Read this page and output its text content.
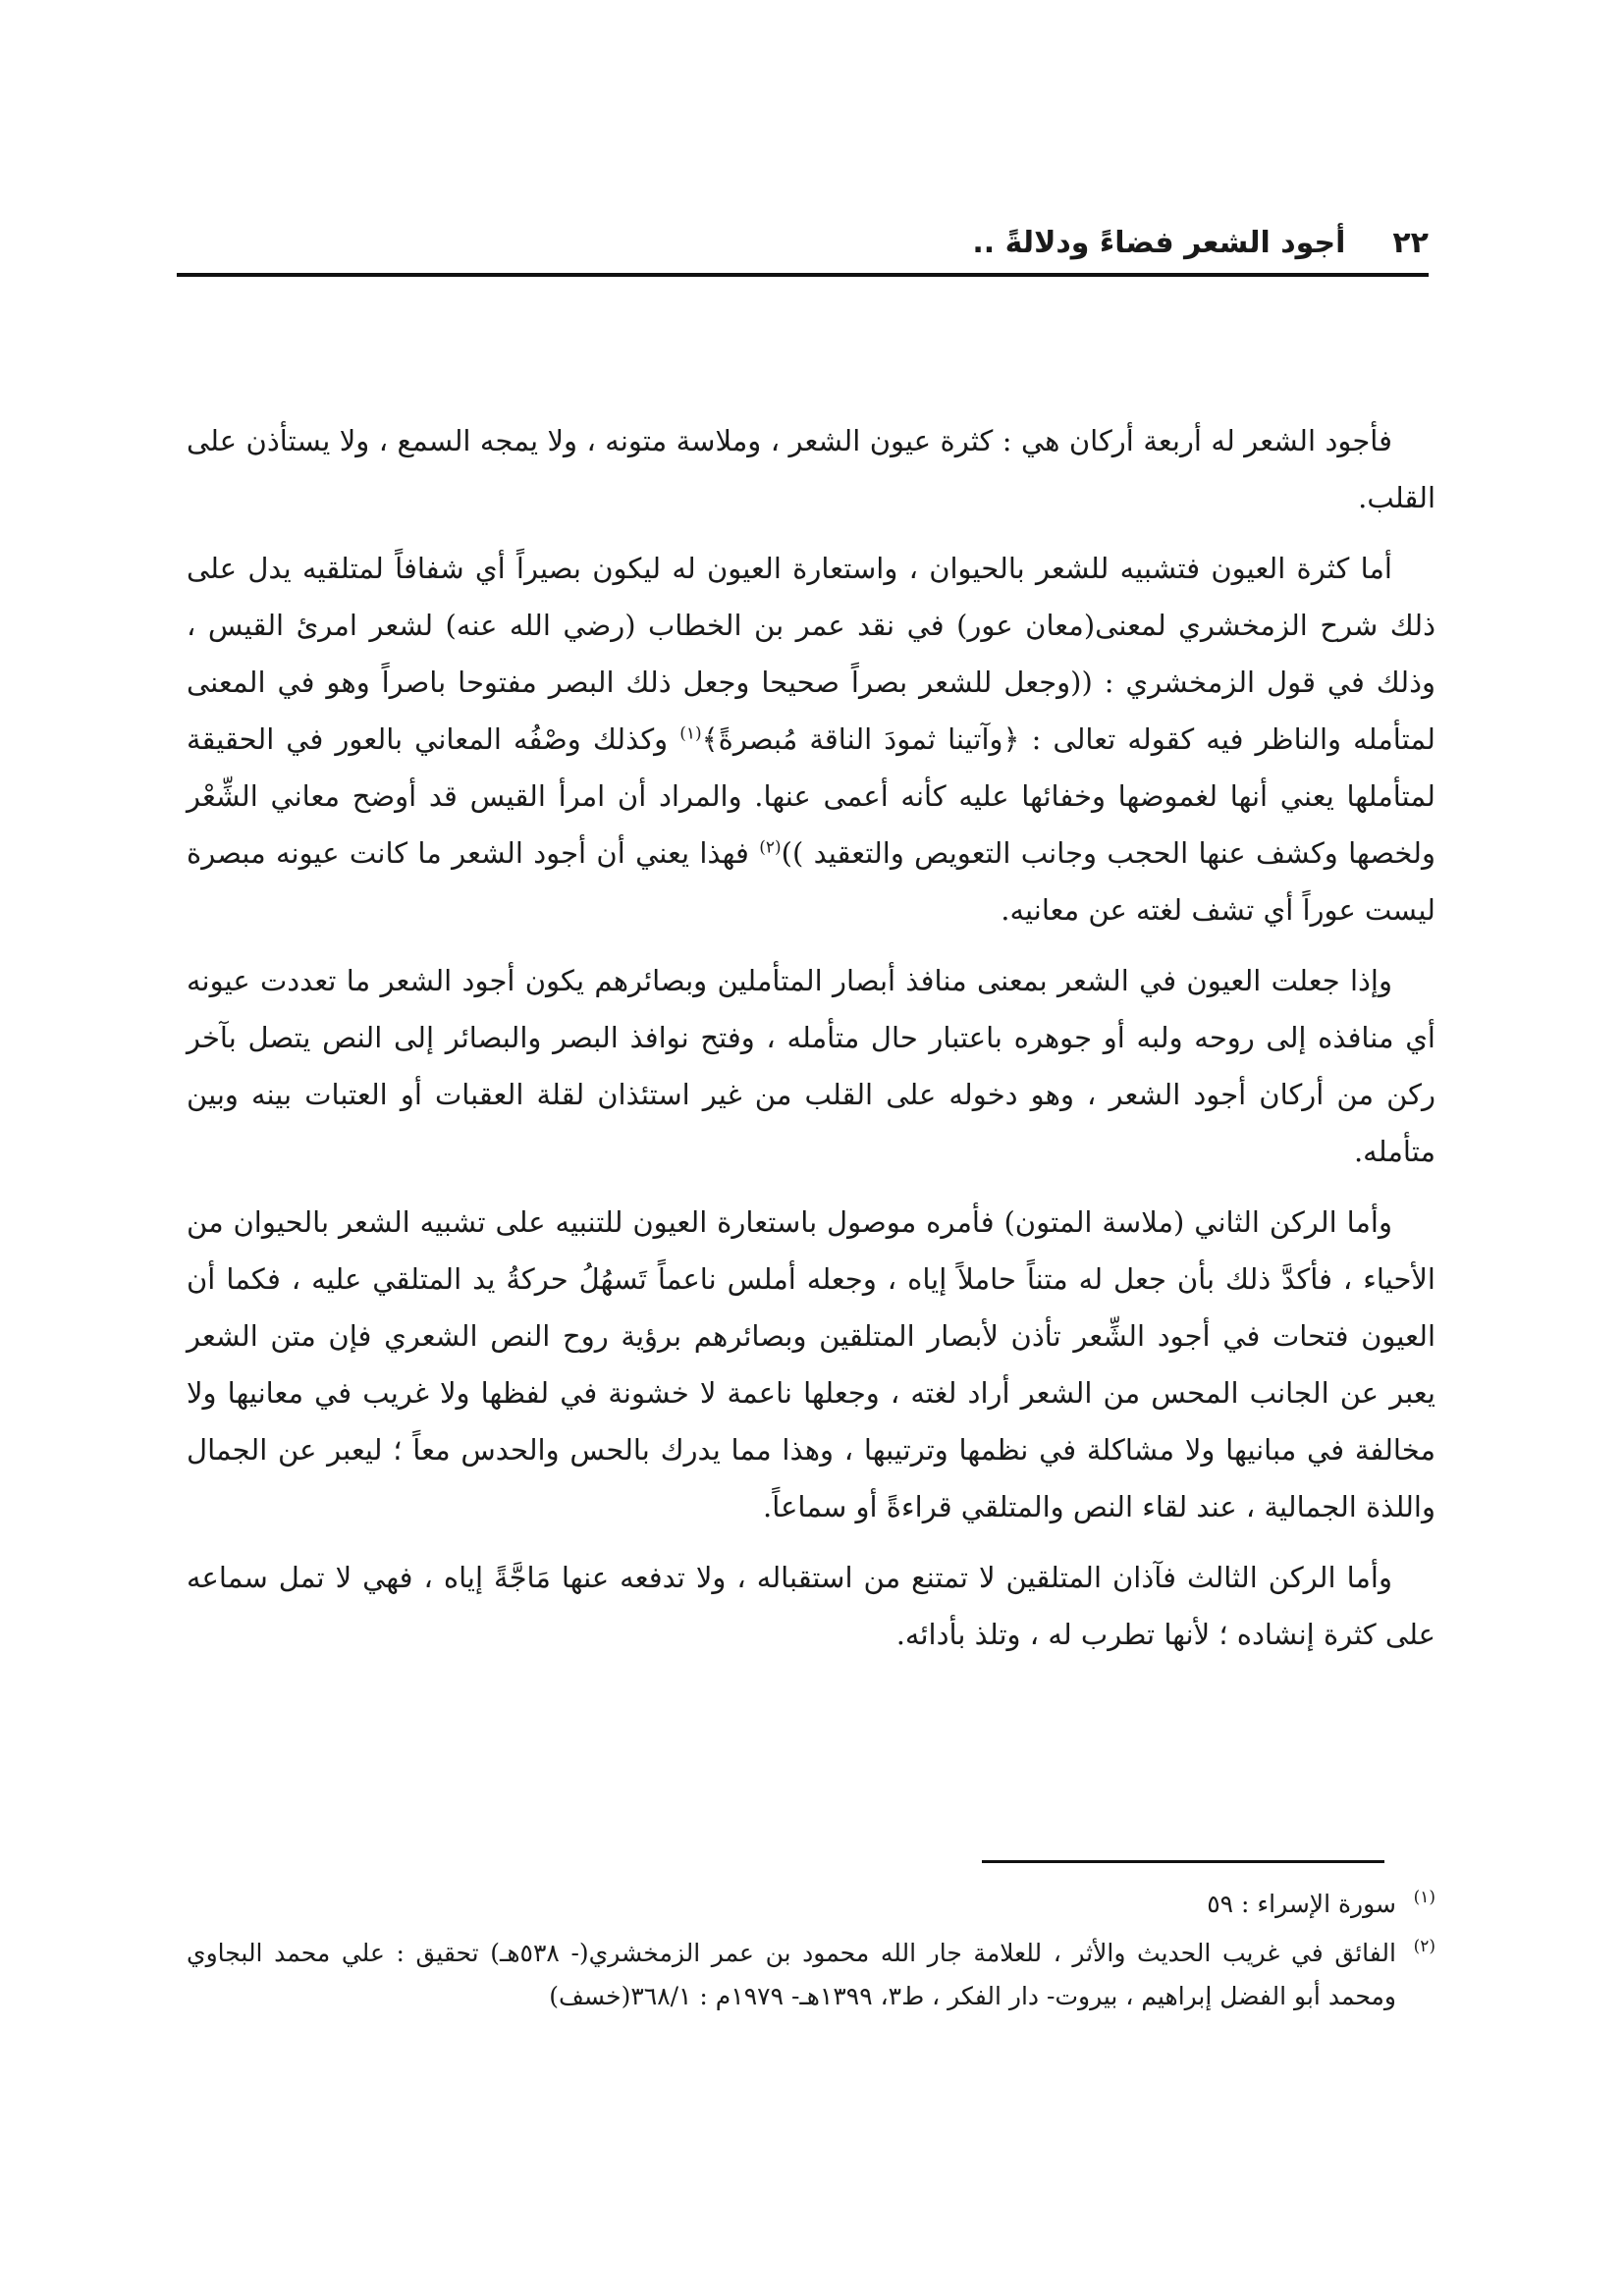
٢٢
أجود الشعر فضاءً ودلالةً ..

فأجود الشعر له أربعة أركان هي : كثرة عيون الشعر ، وملاسة متونه ، ولا يمجه السمع ، ولا يستأذن على القلب.

أما كثرة العيون فتشبيه للشعر بالحيوان ، واستعارة العيون له ليكون بصيراً أي شفافاً لمتلقيه يدل على ذلك شرح الزمخشري لمعنى(معان عور) في نقد عمر بن الخطاب (رضي الله عنه) لشعر امرئ القيس ، وذلك في قول الزمخشري : ((وجعل للشعر بصراً صحيحا وجعل ذلك البصر مفتوحا باصراً وهو في المعنى لمتأمله والناظر فيه كقوله تعالى : ﴿وآتينا ثمودَ الناقة مُبصرةً﴾$^{(١)}$ وكذلك وصْفُه المعاني بالعور في الحقيقة لمتأملها يعني أنها لغموضها وخفائها عليه كأنه أعمى عنها. والمراد أن امرأ القيس قد أوضح معاني الشِّعْر ولخصها وكشف عنها الحجب وجانب التعويص والتعقيد ))$^{(٢)}$ فهذا يعني أن أجود الشعر ما كانت عيونه مبصرة ليست عوراً أي تشف لغته عن معانيه.

وإذا جعلت العيون في الشعر بمعنى منافذ أبصار المتأملين وبصائرهم يكون أجود الشعر ما تعددت عيونه أي منافذه إلى روحه ولبه أو جوهره باعتبار حال متأمله ، وفتح نوافذ البصر والبصائر إلى النص يتصل بآخر ركن من أركان أجود الشعر ، وهو دخوله على القلب من غير استئذان لقلة العقبات أو العتبات بينه وبين متأمله.

وأما الركن الثاني (ملاسة المتون) فأمره موصول باستعارة العيون للتنبيه على تشبيه الشعر بالحيوان من الأحياء ، فأكدَّ ذلك بأن جعل له متناً حاملاً إياه ، وجعله أملس ناعماً تَسهُلُ حركةُ يد المتلقي عليه ، فكما أن العيون فتحات في أجود الشِّعر تأذن لأبصار المتلقين وبصائرهم برؤية روح النص الشعري فإن متن الشعر يعبر عن الجانب المحس من الشعر أراد لغته ، وجعلها ناعمة لا خشونة في لفظها ولا غريب في معانيها ولا مخالفة في مبانيها ولا مشاكلة في نظمها وترتيبها ، وهذا مما يدرك بالحس والحدس معاً ؛ ليعبر عن الجمال واللذة الجمالية ، عند لقاء النص والمتلقي قراءةً أو سماعاً.

وأما الركن الثالث فآذان المتلقين لا تمتنع من استقباله ، ولا تدفعه عنها مَاجَّةً إياه ، فهي لا تمل سماعه على كثرة إنشاده ؛ لأنها تطرب له ، وتلذ بأدائه.

(١)
سورة الإسراء : ٥٩
(٢)
الفائق في غريب الحديث والأثر ، للعلامة جار الله محمود بن عمر الزمخشري(- ٥٣٨هـ) تحقيق : علي محمد البجاوي ومحمد أبو الفضل إبراهيم ، بيروت- دار الفكر ، ط٣، ١٣٩٩هـ- ١٩٧٩م : ٣٦٨/١(خسف)
